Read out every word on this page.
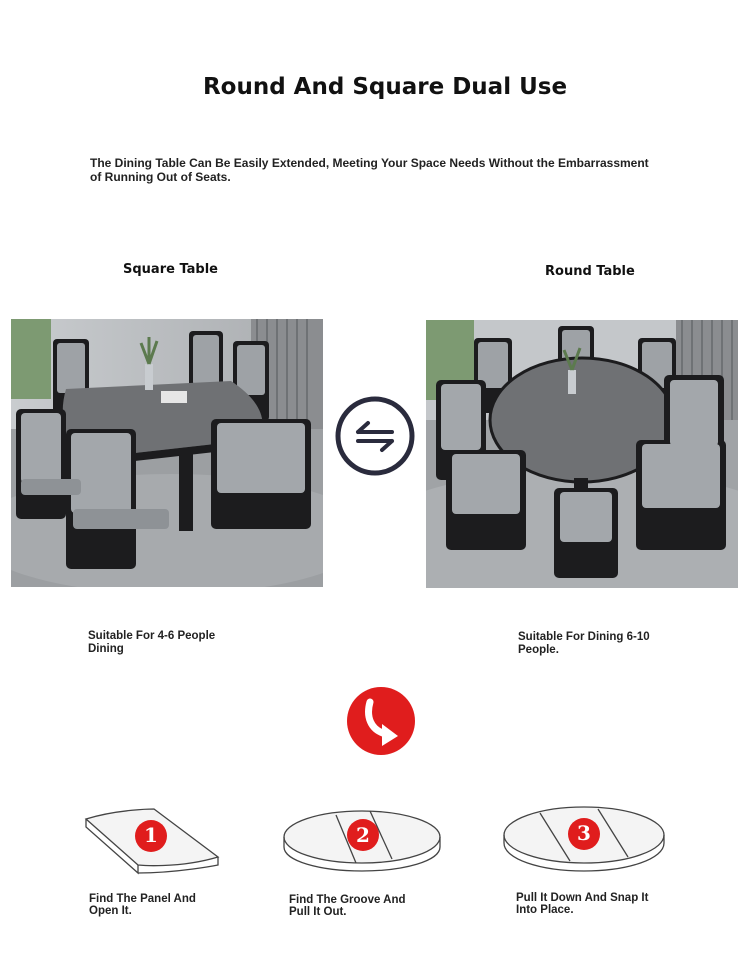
Round And Square Dual Use
The Dining Table Can Be Easily Extended, Meeting Your Space Needs Without the Embarrassment of Running Out of Seats.
Square Table	Round Table
Suitable For 4-6 People Dining
Suitable For Dining 6-10 People.
1	2	3
Find The Panel And Open It.
Find The Groove And Pull It Out.
Pull It Down And Snap It Into Place.
